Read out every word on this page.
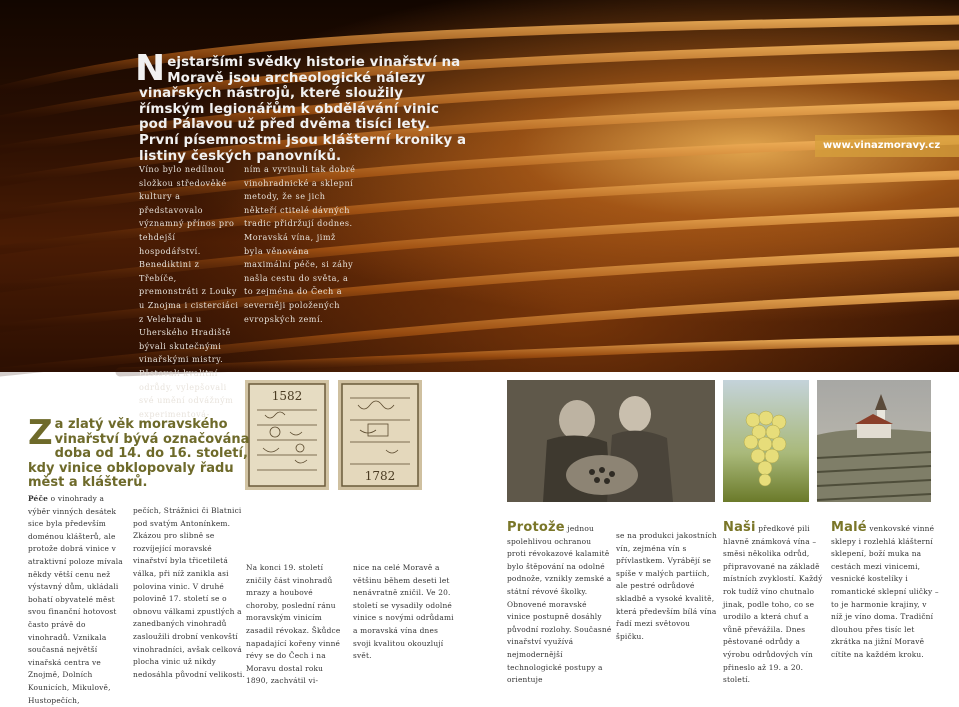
N ejstaršími svědky historie vinařství na Moravě jsou archeologické nálezy vinařských nástrojů, které sloužily římským legionářům k obdělávání vinic pod Pálavou už před dvěma tisíci lety. První písemnostmi jsou klášterní kroniky a listiny českých panovníků.
www.vinazmoravy.cz
Víno bylo nedílnou složkou středověké kultury a představovalo významný přínos pro tehdejší hospodářství. Benediktini z Třebíče, premonstráti z Louky u Znojma i cisterciáci z Velehradu u Uherského Hradiště bývali skutečnými vinařskými mistry. Pěstovali kvalitní odrůdy, vylepšovali své umění odvážným experimentová-
ním a vyvinuli tak dobré vinohradnické a sklepní metody, že se jich někteří ctitelé dávných tradic přidržují dodnes. Moravská vína, jimž byla věnována maximální péče, si záhy našla cestu do světa, a to zejména do Čech a severněji položených evropských zemí.
1582
1782
Z a zlatý věk moravského vinařství bývá označována doba od 14. do 16. století, kdy vinice obklopovaly řadu měst a klášterů.
Péče o vinohrady a výběr vinných desátek sice byla především doménou klášterů, ale protože dobrá vinice v atraktivní poloze mívala někdy větší cenu než výstavný dům, ukládali bohatí obyvatelé měst svou finanční hotovost často právě do vinohradů. Vznikala současná největší vinařská centra ve Znojmě, Dolních Kounicích, Mikulově, Hustopečích,
pečích, Strážnici či Blatnici pod svatým Antonínkem. Zkázou pro slibně se rozvíjející moravské vinařství byla třicetiletá válka, při níž zanikla asi polovina vinic. V druhé polovině 17. století se o obnovu válkami zpustlých a zanedbaných vinohradů zasloužili drobní venkovští vinohradníci, avšak celková plocha vinic už nikdy nedosáhla původní velikosti.
Na konci 19. století zničily část vinohradů mrazy a houbové choroby, poslední ránu moravským vinicím zasadil révokaz. Škůdce napadající kořeny vinné révy se do Čech i na Moravu dostal roku 1890, zachvátil vi-
nice na celé Moravě a většinu během deseti let nenávratně zničil. Ve 20. století se vysadily odolné vinice s novými odrůdami a moravská vína dnes svoji kvalitou okouzlují svět.
Protože jednou spolehlivou ochranou proti révokazové kalamitě bylo štěpování na odolné podnože, vznikly zemské a státní révové školky. Obnovené moravské vinice postupně dosáhly původní rozlohy. Současné vinařství využívá nejmodernější technologické postupy a orientuje
se na produkci jakostních vín, zejména vín s přívlastkem. Vyrábějí se spíše v malých partiích, ale pestré odrůdové skladbě a vysoké kvalitě, která především bílá vína řadí mezi světovou špičku.
Naši předkové pili hlavně známková vína – směsi několika odrůd, připravované na základě místních zvyklostí. Každý rok tudíž víno chutnalo jinak, podle toho, co se urodilo a která chuť a vůně převážila. Dnes pěstované odrůdy a výrobu odrůdových vín přineslo až 19. a 20. století.
Malé venkovské vinné sklepy i rozlehlá klášterní sklepení, boží muka na cestách mezi vinicemi, vesnické kostelíky i romantické sklepní uličky – to je harmonie krajiny, v níž je víno doma. Tradiční dlouhou přes tisíc let zkrátka na jižní Moravě cítíte na každém kroku.
